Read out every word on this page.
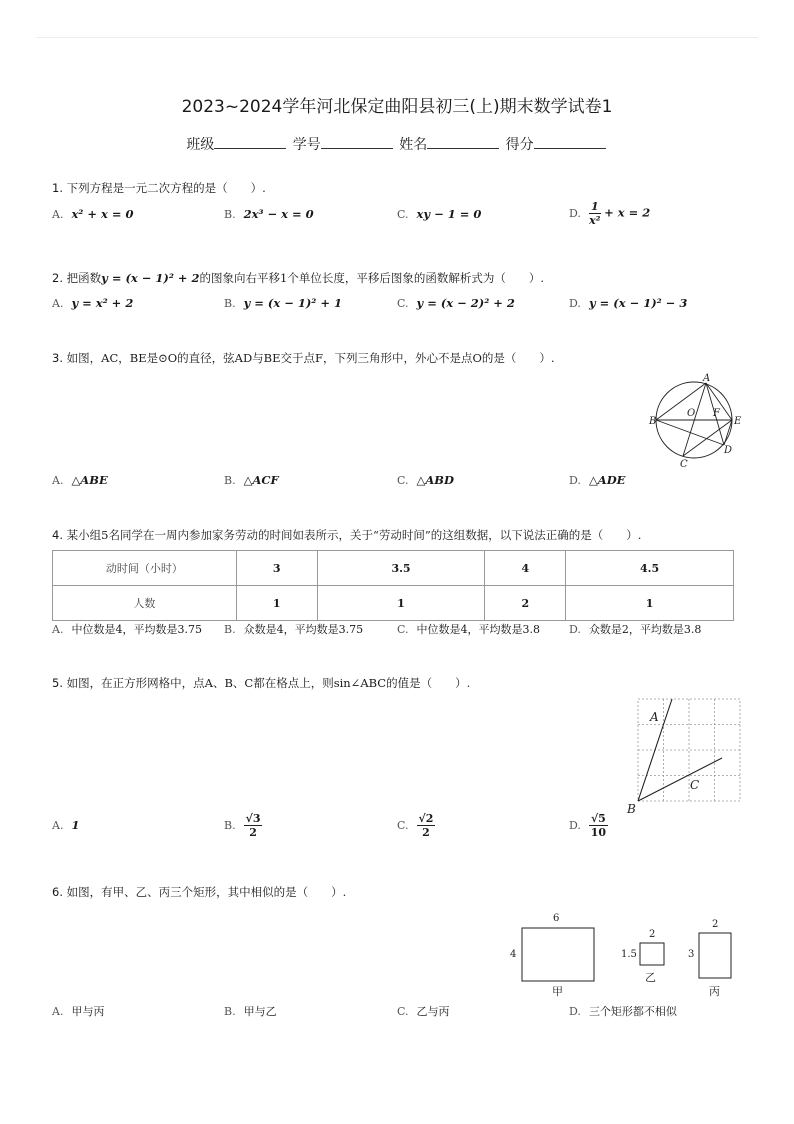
2023~2024学年河北保定曲阳县初三(上)期末数学试卷1
班级	学号	姓名	得分
1. 下列方程是一元二次方程的是（　　）.
A. x² + x = 0	B. 2x³ − x = 0	C. xy − 1 = 0	D. $\frac{1}{\text{x²}} + x = 2$
2. 把函数y = (x − 1)² + 2的图象向右平移1个单位长度，平移后图象的函数解析式为（　　）.
A. y = x² + 2	B. y = (x − 1)² + 1	C. y = (x − 2)² + 2	D. y = (x − 1)² − 3
3. 如图，AC，BE是⊙O的直径，弦AD与BE交于点F，下列三角形中，外心不是点O的是（　　）.
A
B
O F
E
C
D
A. △ABE	B. △ACF	C. △ABD	D. △ADE
4. 某小组5名同学在一周内参加家务劳动的时间如表所示，关于“劳动时间”的这组数据，以下说法正确的是（　　）.
动时间（小时）	3	3.5	4	4.5
人数	1	1	2	1
A. 中位数是4，平均数是3.75 B. 众数是4，平均数是3.75	C. 中位数是4，平均数是3.8	D. 众数是2，平均数是3.8
5. 如图，在正方形网格中，点A、B、C都在格点上，则sin∠ABC的值是（　　）.
A
C
B
A. 1	B. $\frac{√3}{2}$	C. $\frac{√2}{2}$	D. $\frac{√5}{10}$
6. 如图，有甲、乙、丙三个矩形，其中相似的是（　　）.
6
4
甲
2
1.5
乙
2
3
丙
A. 甲与丙	B. 甲与乙	C. 乙与丙	D. 三个矩形都不相似
